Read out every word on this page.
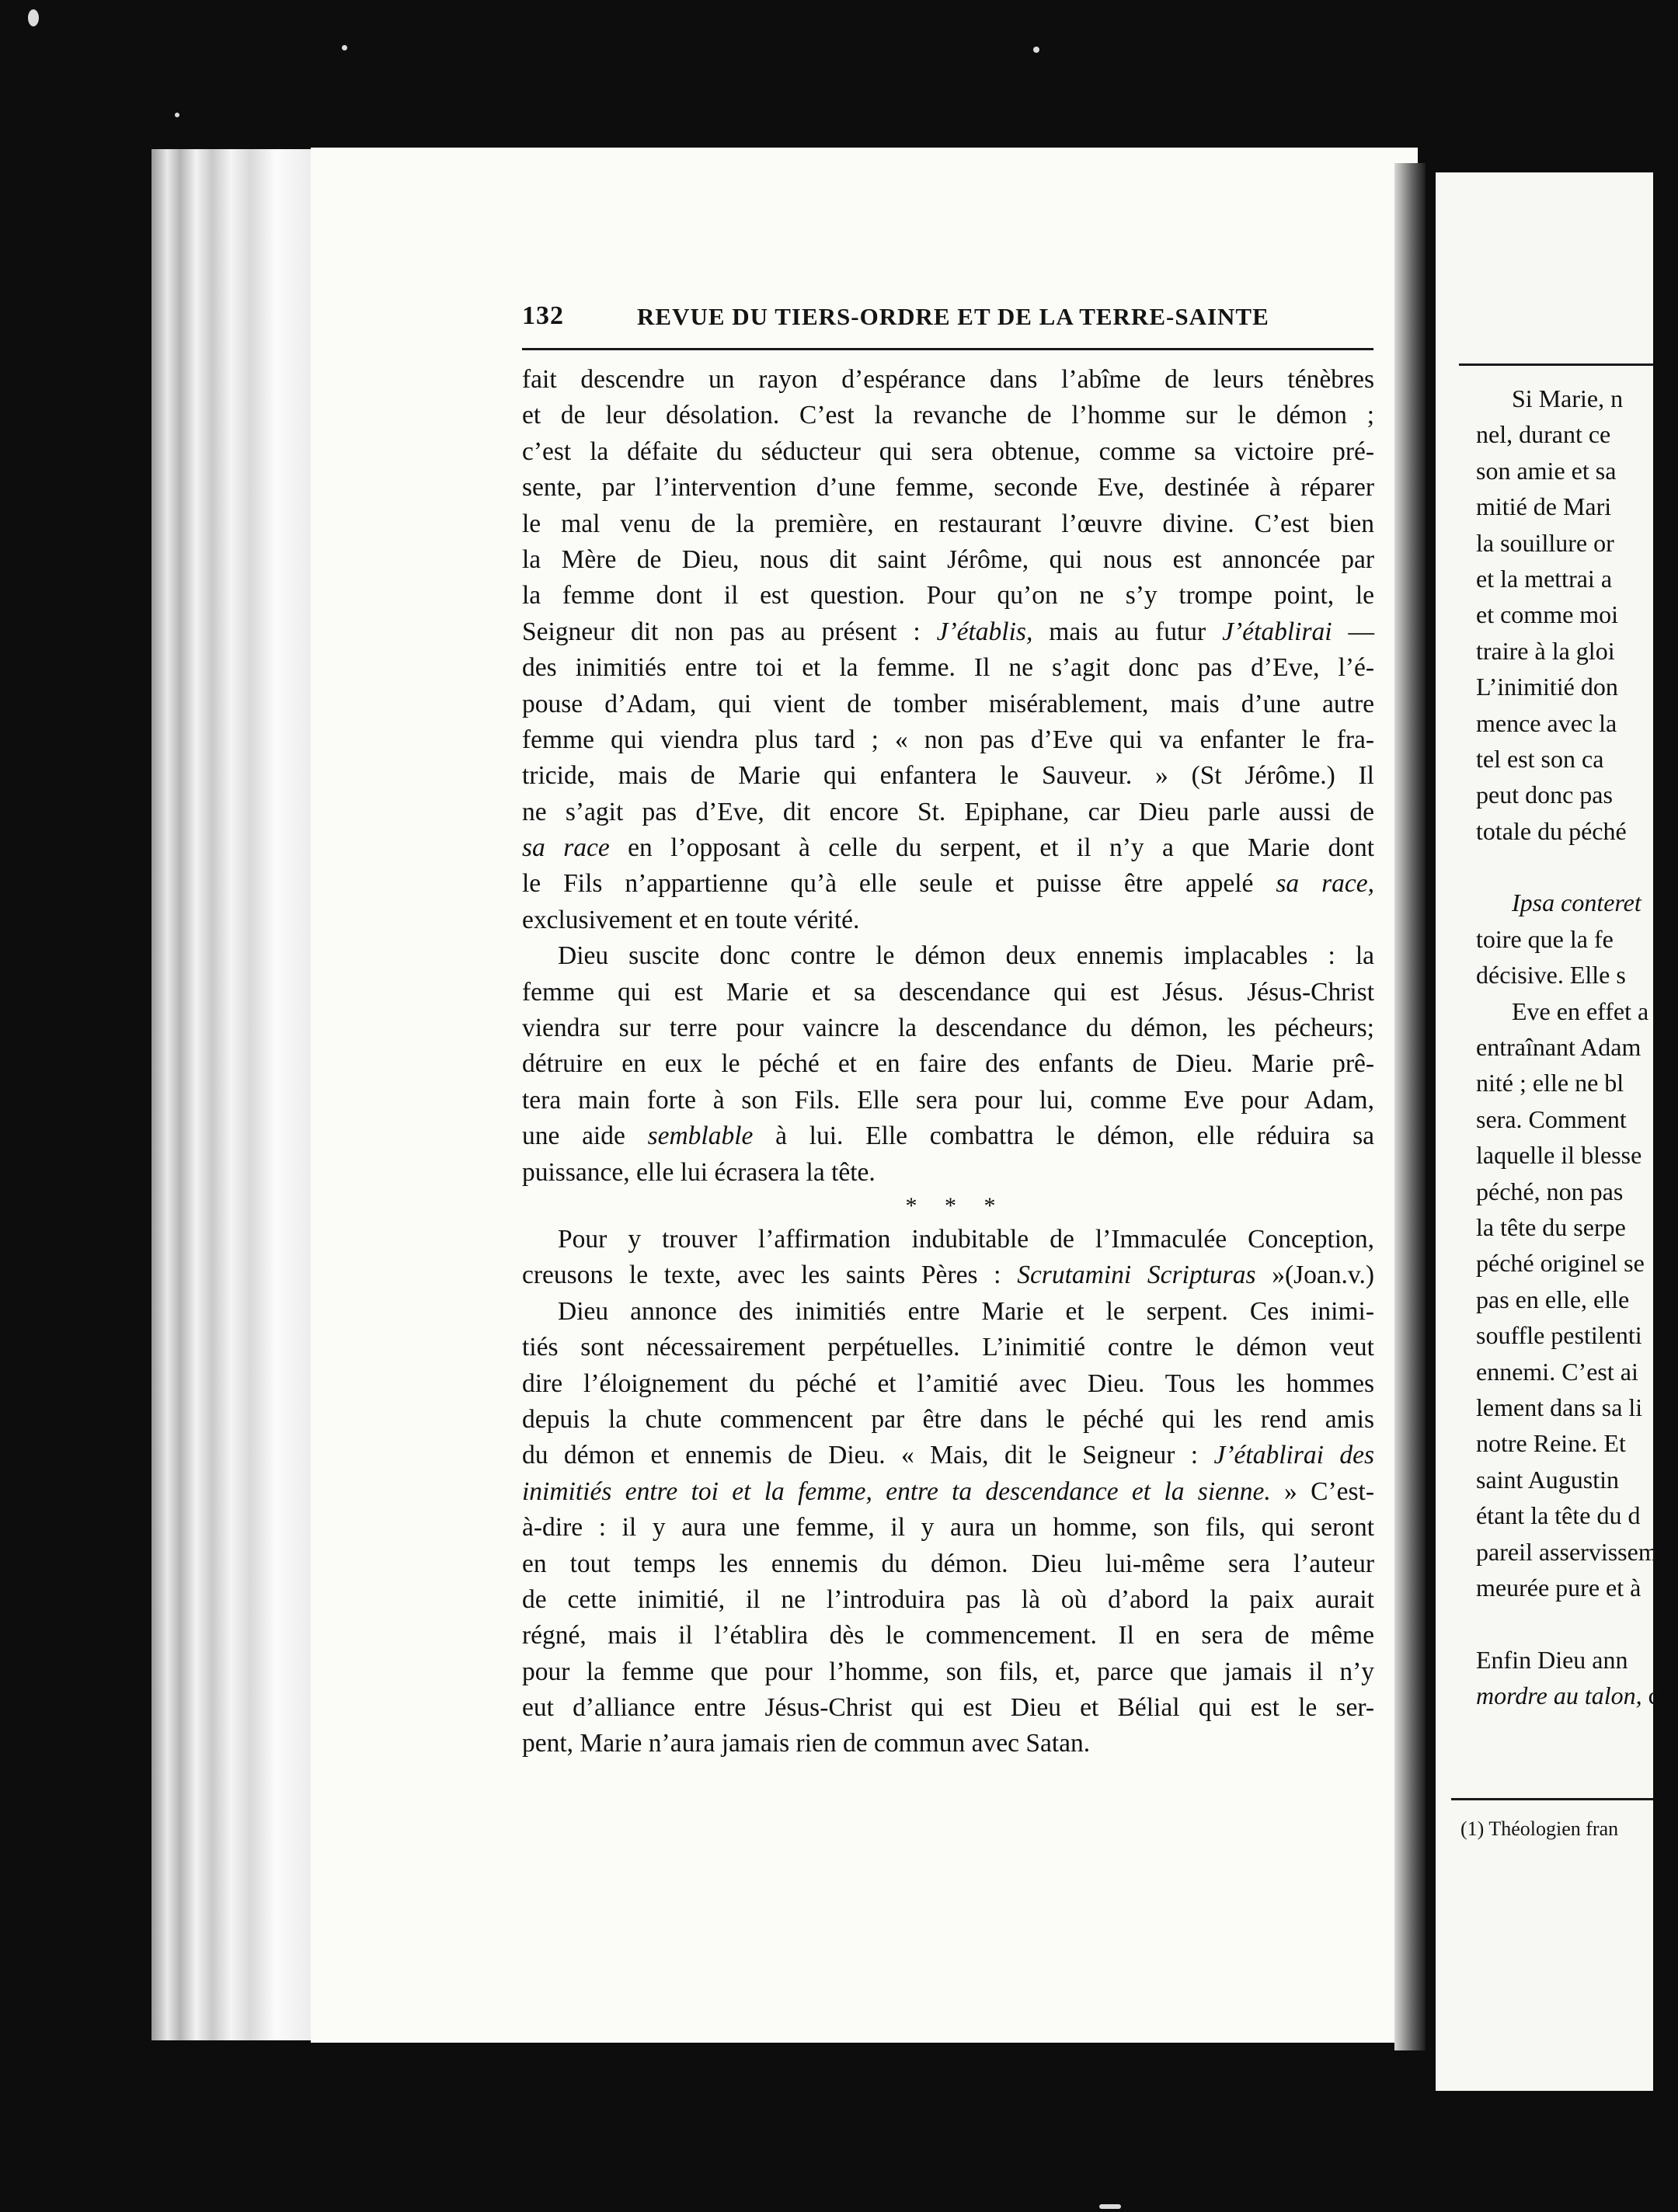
132	REVUE DU TIERS-ORDRE ET DE LA TERRE-SAINTE
fait descendre un rayon d’espérance dans l’abîme de leurs ténèbres
et de leur désolation. C’est la revanche de l’homme sur le démon ;
c’est la défaite du séducteur qui sera obtenue, comme sa victoire pré-
sente, par l’intervention d’une femme, seconde Eve, destinée à réparer
le mal venu de la première, en restaurant l’œuvre divine. C’est bien
la Mère de Dieu, nous dit saint Jérôme, qui nous est annoncée par
la femme dont il est question. Pour qu’on ne s’y trompe point, le
Seigneur dit non pas au présent : J’établis, mais au futur J’établirai —
des inimitiés entre toi et la femme. Il ne s’agit donc pas d’Eve, l’é-
pouse d’Adam, qui vient de tomber misérablement, mais d’une autre
femme qui viendra plus tard ; « non pas d’Eve qui va enfanter le fra-
tricide, mais de Marie qui enfantera le Sauveur. » (St Jérôme.) Il
ne s’agit pas d’Eve, dit encore St. Epiphane, car Dieu parle aussi de
sa race en l’opposant à celle du serpent, et il n’y a que Marie dont
le Fils n’appartienne qu’à elle seule et puisse être appelé sa race,
exclusivement et en toute vérité.
Dieu suscite donc contre le démon deux ennemis implacables : la
femme qui est Marie et sa descendance qui est Jésus. Jésus-Christ
viendra sur terre pour vaincre la descendance du démon, les pécheurs;
détruire en eux le péché et en faire des enfants de Dieu. Marie prê-
tera main forte à son Fils. Elle sera pour lui, comme Eve pour Adam,
une aide semblable à lui. Elle combattra le démon, elle réduira sa
puissance, elle lui écrasera la tête.
* * *
Pour y trouver l’affirmation indubitable de l’Immaculée Conception,
creusons le texte, avec les saints Pères : Scrutamini Scripturas »(Joan.v.)
Dieu annonce des inimitiés entre Marie et le serpent. Ces inimi-
tiés sont nécessairement perpétuelles. L’inimitié contre le démon veut
dire l’éloignement du péché et l’amitié avec Dieu. Tous les hommes
depuis la chute commencent par être dans le péché qui les rend amis
du démon et ennemis de Dieu. « Mais, dit le Seigneur : J’établirai des
inimitiés entre toi et la femme, entre ta descendance et la sienne. » C’est-
à-dire : il y aura une femme, il y aura un homme, son fils, qui seront
en tout temps les ennemis du démon. Dieu lui-même sera l’auteur
de cette inimitié, il ne l’introduira pas là où d’abord la paix aurait
régné, mais il l’établira dès le commencement. Il en sera de même
pour la femme que pour l’homme, son fils, et, parce que jamais il n’y
eut d’alliance entre Jésus-Christ qui est Dieu et Bélial qui est le ser-
pent, Marie n’aura jamais rien de commun avec Satan.
Si Marie, n
nel, durant ce
son amie et sa
mitié de Mari
la souillure or
et la mettrai a
et comme moi
traire à la gloi
L’inimitié don
mence avec la
tel est son ca
peut donc pas
totale du péché
Ipsa conteret
toire que la fe
décisive. Elle s
Eve en effet a
entraînant Adam
nité ; elle ne bl
sera. Comment
laquelle il blesse
péché, non pas
la tête du serpe
péché originel se
pas en elle, elle
souffle pestilenti
ennemi. C’est ai
lement dans sa li
notre Reine. Et
saint Augustin
étant la tête du d
pareil asservissem
meurée pure et à
Enfin Dieu ann
mordre au talon, c
(1) Théologien fran
